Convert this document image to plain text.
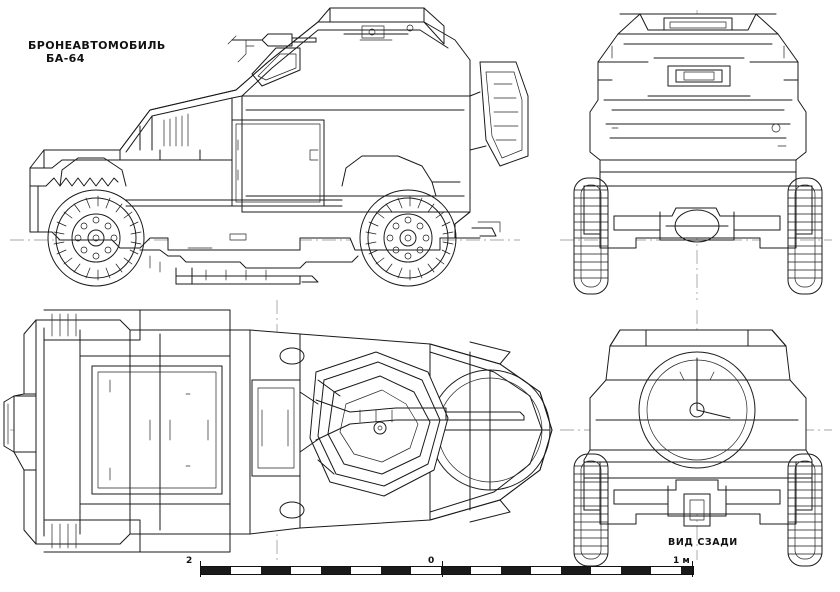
БРОНЕАВТОМОБИЛЬ

БА-64

ВИД СЗАДИ
2	0	1 м
